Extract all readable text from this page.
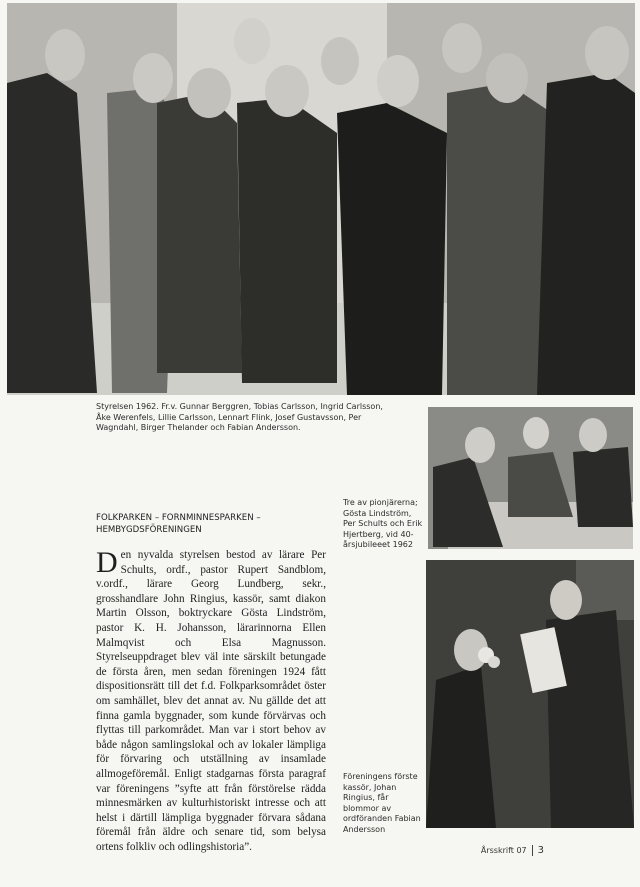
Styrelsen 1962. Fr.v. Gunnar Berggren, Tobias Carlsson, Ingrid Carlsson, Åke Werenfels, Lillie Carlsson, Lennart Flink, Josef Gustavsson, Per Wagndahl, Birger Thelander och Fabian Andersson.
Tre av pionjärerna; Gösta Lindström, Per Schults och Erik Hjertberg, vid 40-årsjubileeet 1962
Föreningens förste kassör, Johan Ringius, får blommor av ordföranden Fabian Andersson
FOLKPARKEN – FORNMINNESPARKEN –
HEMBYGDSFÖRENINGEN
Den nyvalda styrelsen bestod av lärare Per Schults, ordf., pastor Rupert Sandblom, v.ordf., lärare Georg Lundberg, sekr., grosshandlare John Ringius, kassör, samt diakon Martin Olsson, boktryckare Gösta Lindström, pastor K. H. Johansson, lärarinnorna Ellen Malmqvist och Elsa Magnusson. Styrelseuppdraget blev väl inte särskilt betungade de första åren, men sedan föreningen 1924 fått dispositionsrätt till det f.d. Folkparksområdet öster om samhället, blev det annat av. Nu gällde det att finna gamla byggnader, som kunde förvärvas och flyttas till parkområdet. Man var i stort behov av både någon samlingslokal och av lokaler lämpliga för förvaring och utställning av insamlade allmogeföremål. Enligt stadgarnas första paragraf var föreningens ”syfte att från förstörelse rädda minnesmärken av kulturhistoriskt intresse och att helst i därtill lämpliga byggnader förvara sådana föremål från äldre och senare tid, som belysa ortens folkliv och odlingshistoria”.	Årsskrift 07 3
